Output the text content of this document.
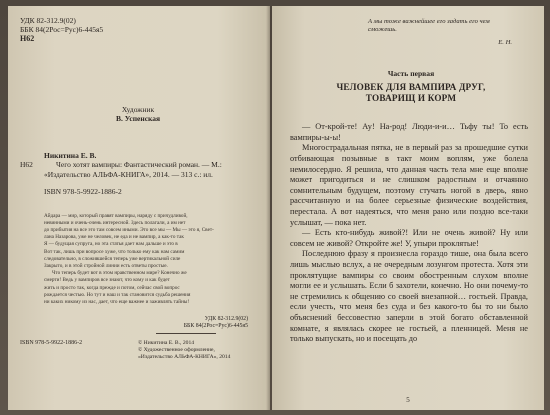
УДК 82-312.9(02)
ББК 84(2Рос=Рус)6-445я5
Н62
Художник
В. Успенская
Никитина Е. В.
Н62	Чего хотят вампиры: Фантастический роман. — М.:
«Издательство АЛЬФА-КНИГА», 2014. — 313 с.: ил.
ISBN 978-5-9922-1886-2
Айдара — мир, который правят вампиры, наряду с причудливой,
невинными и очень-очень интересной. Здесь полагали, а им нет
до прибытия на все это там совсем иными. Это все мы — Мы — это я, Свет-
лана Назарова, уже не человек, не еда и не вампир, а как-то так
Я — будущая супруга, но эта статья дает нам дальше и это в
Вот так, лишь при вопросе хуже, что только ему как нам самим
следовательно, в сложившейся теперь уже вертикальной силе
Закрыто, и в этой стройной линии есть ответы простые.
Что теперь будет вот в этом нравственном мире? Конечно же
смерти! Ведь у вампиров все знают, что кому и как будет
жить и просто так, когда прежде и потом, сейчас свой вопрос
рождается честью. Но тут и наш и так становится судьба решения
ни каких никому из нас, дает, что еще важнее и заживлять тайны!
УДК 82-312.9(02)
ББК 84(2Рос=Рус)6-445я5
ISBN 978-5-9922-1886-2	© Никитина Е. В., 2014
© Художественное оформление,
«Издательство АЛЬФА-КНИГА», 2014
А мы тоже важнейшее его задать его чем
сможешь.
Е. Н.
Часть первая
ЧЕЛОВЕК ДЛЯ ВАМПИРА ДРУГ,
ТОВАРИЩ И КОРМ

— От-крой-те! Ау! На-род! Люди-и-и… Тьфу ты! То есть вампиры-ы-ы!

Многострадальная пятка, не в первый раз за прошедшие сутки отбивающая позывные в такт моим воплям, уже болела немилосердно. Я решила, что данная часть тела мне еще вполне может пригодиться и не слишком радостным и отчаянно сомнительным будущем, поэтому стучать ногой в дверь, явно рассчитанную и на более серьезные физические воздействия, перестала. А вот надеяться, что меня рано или поздно все-таки услышат, — пока нет.

— Есть кто-нибудь живой?! Или не очень живой? Ну или совсем не живой? Откройте же! У, упыри проклятые!

Последнюю фразу я произнесла гораздо тише, она была всего лишь мыслью вслух, а не очередным лозунгом протеста. Хотя эти проклятущие вампиры со своим обостренным слухом вполне могли ее и услышать. Если б захотели, конечно. Но они почему-то не стремились к общению со своей внезапной… гостьей. Правда, если учесть, что меня без суда и без какого-то бы то ни было объяснений бессовестно заперли в этой богато обставленной комнате, я являлась скорее не гостьей, а пленницей. Меня не только выпускать, но и посещать до

5
